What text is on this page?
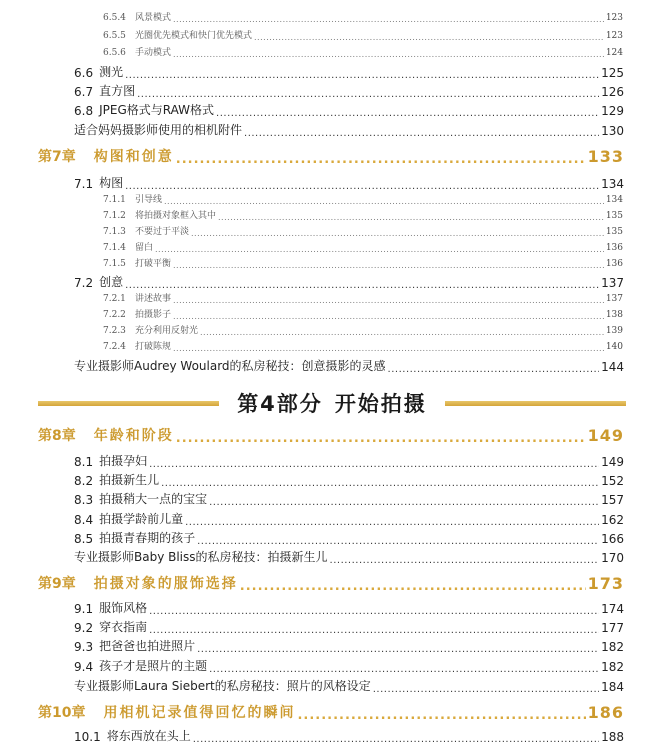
6.5.4	风景模式 .....	123
6.5.5	光圈优先模式和快门优先模式 .....	123
6.5.6	手动模式 .....	124
6.6 测光 .....	125
6.7 直方图 .....	126
6.8 JPEG格式与RAW格式 .....	129
适合妈妈摄影师使用的相机附件 .....	130
第7章 构图和创意 .....	133
7.1 构图 .....	134
7.1.1	引导线 .....	134
7.1.2	将拍摄对象框入其中 .....	135
7.1.3	不要过于平淡 .....	135
7.1.4	留白 .....	136
7.1.5	打破平衡 .....	136
7.2 创意 .....	137
7.2.1	讲述故事 .....	137
7.2.2	拍摄影子 .....	138
7.2.3	充分利用反射光 .....	139
7.2.4	打破陈规 .....	140
专业摄影师Audrey Woulard的私房秘技：创意摄影的灵感 .....	144
第4部分 开始拍摄
第8章 年龄和阶段 .....	149
8.1 拍摄孕妇 .....	149
8.2 拍摄新生儿 .....	152
8.3 拍摄稍大一点的宝宝 .....	157
8.4 拍摄学龄前儿童 .....	162
8.5 拍摄青春期的孩子 .....	166
专业摄影师Baby Bliss的私房秘技：拍摄新生儿 .....	170
第9章 拍摄对象的服饰选择 .....	173
9.1 服饰风格 .....	174
9.2 穿衣指南 .....	177
9.3 把爸爸也拍进照片 .....	182
9.4 孩子才是照片的主题 .....	182
专业摄影师Laura Siebert的私房秘技：照片的风格设定 .....	184
第10章 用相机记录值得回忆的瞬间 .....	186
10.1 将东西放在头上 .....	188
